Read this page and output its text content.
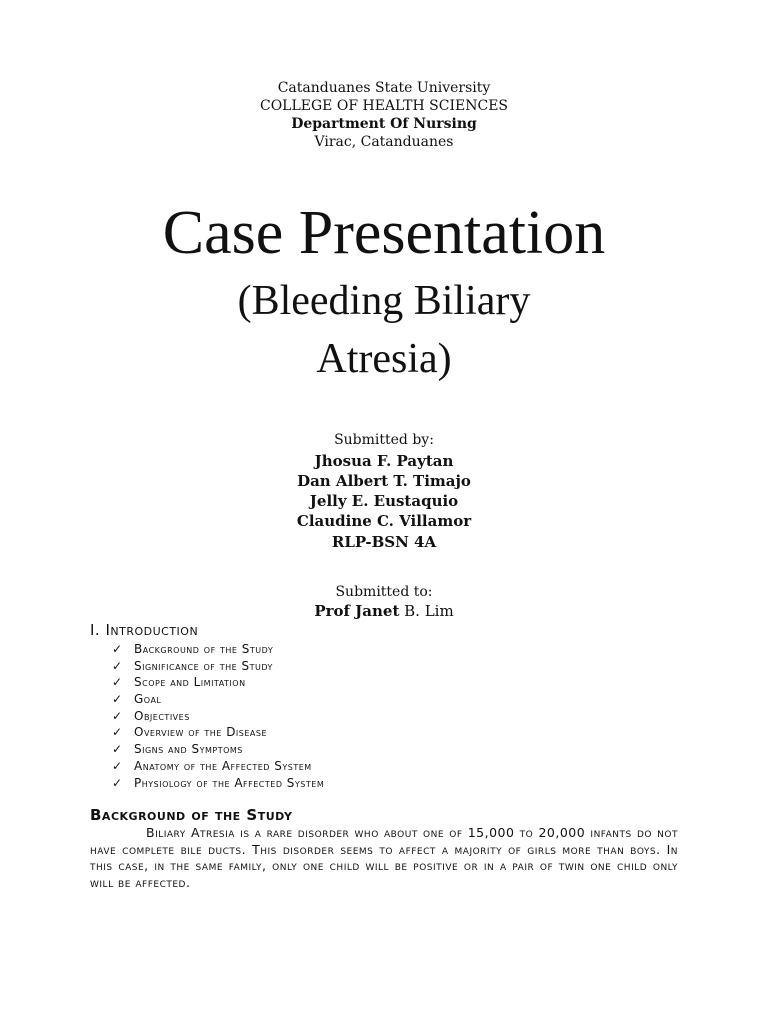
Catanduanes State University
COLLEGE OF HEALTH SCIENCES
Department Of Nursing
Virac, Catanduanes
Case Presentation
(Bleeding Biliary
Atresia)
Submitted by:
Jhosua F. Paytan
Dan Albert T. Timajo
Jelly E. Eustaquio
Claudine C. Villamor
RLP-BSN 4A
Submitted to:
Prof Janet B. Lim
I. Introduction
✓ Background of the Study
✓ Significance of the Study
✓ Scope and Limitation
✓ Goal
✓ Objectives
✓ Overview of the Disease
✓ Signs and Symptoms
✓ Anatomy of the Affected System
✓ Physiology of the Affected System
Background of the Study

Biliary Atresia is a rare disorder who about one of 15,000 to 20,000 infants do not have complete bile ducts. This disorder seems to affect a majority of girls more than boys. In this case, in the same family, only one child will be positive or in a pair of twin one child only will be affected.
